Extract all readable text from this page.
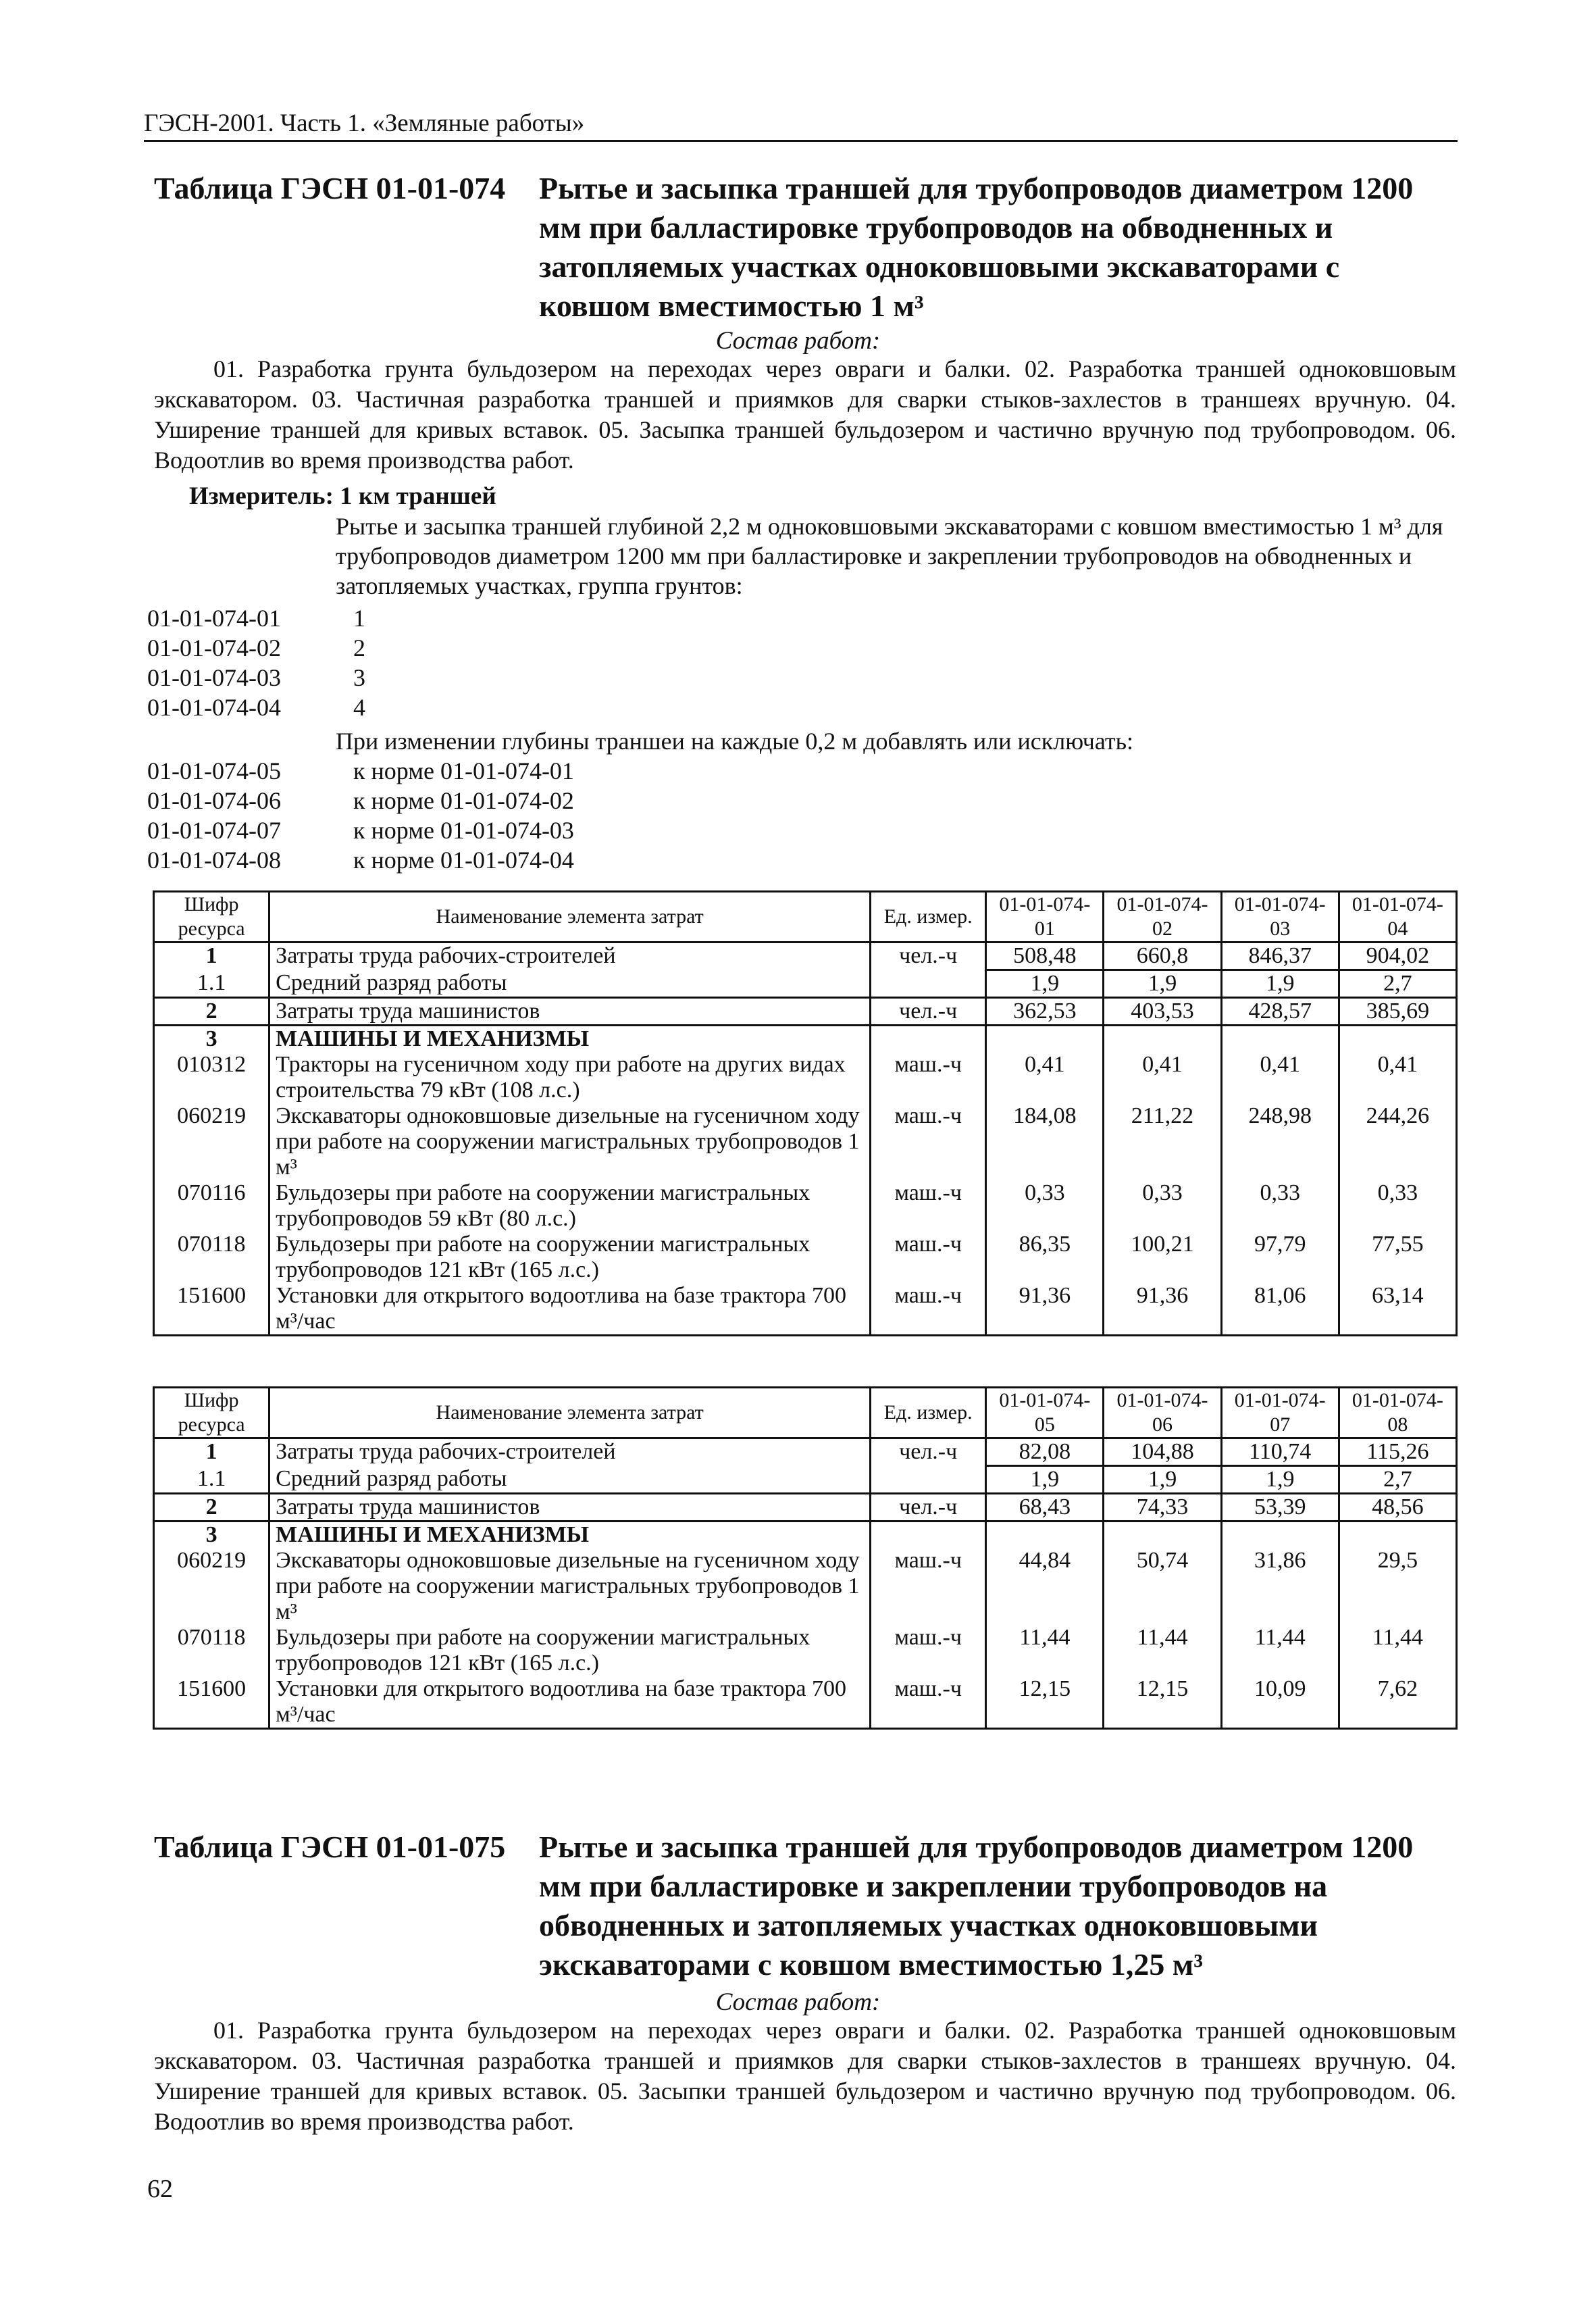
ГЭСН-2001. Часть 1. «Земляные работы»
Таблица ГЭСН 01-01-074	Рытье и засыпка траншей для трубопроводов диаметром 1200
мм при балластировке трубопроводов на обводненных и
затопляемых участках одноковшовыми экскаваторами с
ковшом вместимостью 1 м³
Состав работ:
01. Разработка грунта бульдозером на переходах через овраги и балки. 02. Разработка траншей одноковшовым экскаватором. 03. Частичная разработка траншей и приямков для сварки стыков-захлестов в траншеях вручную. 04. Уширение траншей для кривых вставок. 05. Засыпка траншей бульдозером и частично вручную под трубопроводом. 06. Водоотлив во время производства работ.
Измеритель: 1 км траншей
Рытье и засыпка траншей глубиной 2,2 м одноковшовыми экскаваторами с ковшом вместимостью 1 м³ для трубопроводов диаметром 1200 мм при балластировке и закреплении трубопроводов на обводненных и затопляемых участках, группа грунтов:
01-01-074-01	1
01-01-074-02	2
01-01-074-03	3
01-01-074-04	4
При изменении глубины траншеи на каждые 0,2 м добавлять или исключать:
01-01-074-05	к норме 01-01-074-01
01-01-074-06	к норме 01-01-074-02
01-01-074-07	к норме 01-01-074-03
01-01-074-08	к норме 01-01-074-04
Шифр ресурса	Наименование элемента затрат	Ед. измер.	01-01-074-01	01-01-074-02	01-01-074-03	01-01-074-04
1	Затраты труда рабочих-строителей	чел.-ч	508,48	660,8	846,37	904,02
1.1	Средний разряд работы		1,9	1,9	1,9	2,7
2	Затраты труда машинистов	чел.-ч	362,53	403,53	428,57	385,69
3	МАШИНЫ И МЕХАНИЗМЫ					
010312	Тракторы на гусеничном ходу при работе на других видах строительства 79 кВт (108 л.с.)	маш.-ч	0,41	0,41	0,41	0,41
060219	Экскаваторы одноковшовые дизельные на гусеничном ходу при работе на сооружении магистральных трубопроводов 1 м³	маш.-ч	184,08	211,22	248,98	244,26
070116	Бульдозеры при работе на сооружении магистральных трубопроводов 59 кВт (80 л.с.)	маш.-ч	0,33	0,33	0,33	0,33
070118	Бульдозеры при работе на сооружении магистральных трубопроводов 121 кВт (165 л.с.)	маш.-ч	86,35	100,21	97,79	77,55
151600	Установки для открытого водоотлива на базе трактора 700 м³/час	маш.-ч	91,36	91,36	81,06	63,14
Шифр ресурса	Наименование элемента затрат	Ед. измер.	01-01-074-05	01-01-074-06	01-01-074-07	01-01-074-08
1	Затраты труда рабочих-строителей	чел.-ч	82,08	104,88	110,74	115,26
1.1	Средний разряд работы		1,9	1,9	1,9	2,7
2	Затраты труда машинистов	чел.-ч	68,43	74,33	53,39	48,56
3	МАШИНЫ И МЕХАНИЗМЫ					
060219	Экскаваторы одноковшовые дизельные на гусеничном ходу при работе на сооружении магистральных трубопроводов 1 м³	маш.-ч	44,84	50,74	31,86	29,5
070118	Бульдозеры при работе на сооружении магистральных трубопроводов 121 кВт (165 л.с.)	маш.-ч	11,44	11,44	11,44	11,44
151600	Установки для открытого водоотлива на базе трактора 700 м³/час	маш.-ч	12,15	12,15	10,09	7,62
Таблица ГЭСН 01-01-075	Рытье и засыпка траншей для трубопроводов диаметром 1200
мм при балластировке и закреплении трубопроводов на
обводненных и затопляемых участках одноковшовыми
экскаваторами с ковшом вместимостью 1,25 м³
Состав работ:
01. Разработка грунта бульдозером на переходах через овраги и балки. 02. Разработка траншей одноковшовым экскаватором. 03. Частичная разработка траншей и приямков для сварки стыков-захлестов в траншеях вручную. 04. Уширение траншей для кривых вставок. 05. Засыпки траншей бульдозером и частично вручную под трубопроводом. 06. Водоотлив во время производства работ.
62
